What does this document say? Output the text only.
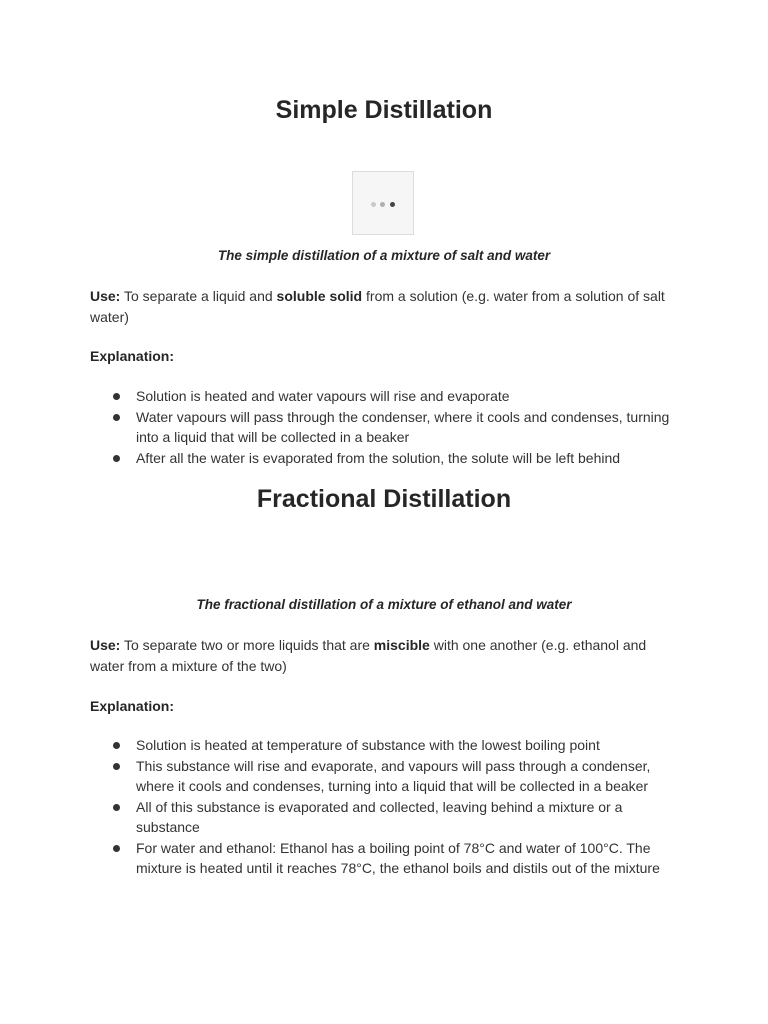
Simple Distillation
The simple distillation of a mixture of salt and water

Use: To separate a liquid and soluble solid from a solution (e.g. water from a solution of salt water)

Explanation:

Solution is heated and water vapours will rise and evaporate
Water vapours will pass through the condenser, where it cools and condenses, turning into a liquid that will be collected in a beaker
After all the water is evaporated from the solution, the solute will be left behind
Fractional Distillation
The fractional distillation of a mixture of ethanol and water

Use: To separate two or more liquids that are miscible with one another (e.g. ethanol and water from a mixture of the two)

Explanation:

Solution is heated at temperature of substance with the lowest boiling point
This substance will rise and evaporate, and vapours will pass through a condenser, where it cools and condenses, turning into a liquid that will be collected in a beaker
All of this substance is evaporated and collected, leaving behind a mixture or a substance
For water and ethanol: Ethanol has a boiling point of 78°C and water of 100°C. The mixture is heated until it reaches 78°C, the ethanol boils and distils out of the mixture
